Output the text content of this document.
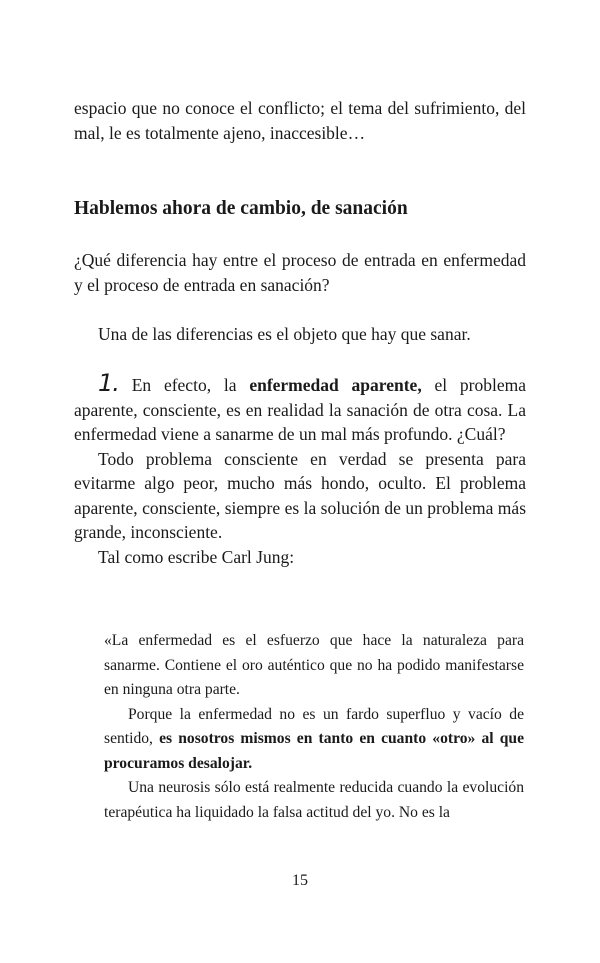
espacio que no conoce el conflicto; el tema del sufrimiento, del mal, le es totalmente ajeno, inaccesible…

Hablemos ahora de cambio, de sanación

¿Qué diferencia hay entre el proceso de entrada en enfermedad y el proceso de entrada en sanación?

Una de las diferencias es el objeto que hay que sanar.

1. En efecto, la enfermedad aparente, el problema aparente, consciente, es en realidad la sanación de otra cosa. La enfermedad viene a sanarme de un mal más profundo. ¿Cuál?

Todo problema consciente en verdad se presenta para evitarme algo peor, mucho más hondo, oculto. El problema aparente, consciente, siempre es la solución de un problema más grande, inconsciente.

Tal como escribe Carl Jung:

«La enfermedad es el esfuerzo que hace la naturaleza para sanarme. Contiene el oro auténtico que no ha podido manifestarse en ninguna otra parte.

Porque la enfermedad no es un fardo superfluo y vacío de sentido, es nosotros mismos en tanto en cuanto «otro» al que procuramos desalojar.

Una neurosis sólo está realmente reducida cuando la evolución terapéutica ha liquidado la falsa actitud del yo. No es la

15
